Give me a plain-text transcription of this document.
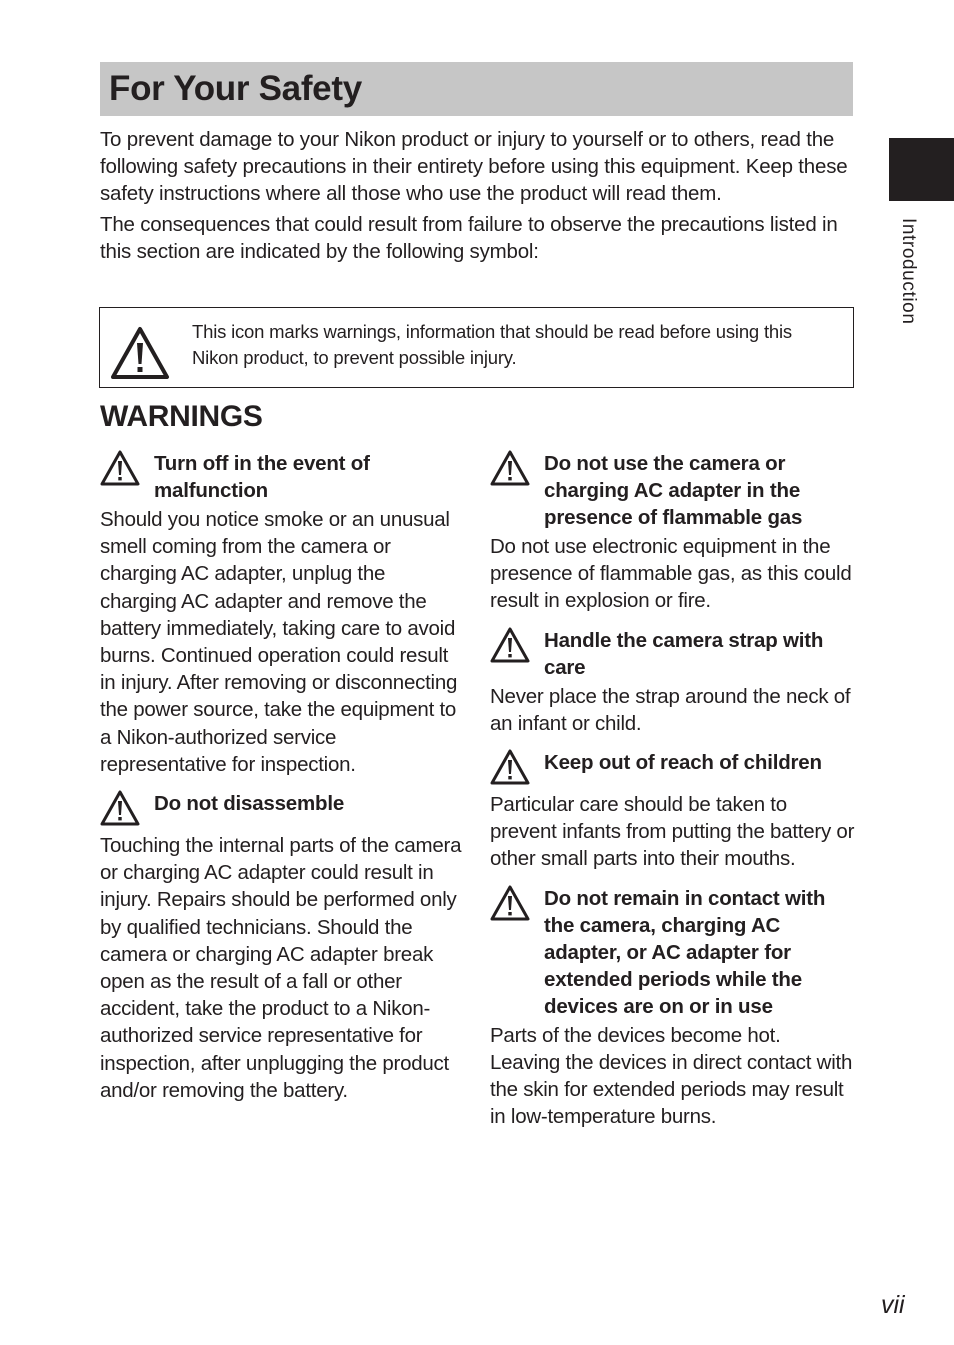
For Your Safety
Introduction

To prevent damage to your Nikon product or injury to yourself or to others, read the following safety precautions in their entirety before using this equipment. Keep these safety instructions where all those who use the product will read them.

The consequences that could result from failure to observe the precautions listed in this section are indicated by the following symbol:

This icon marks warnings, information that should be read before using this Nikon product, to prevent possible injury.
WARNINGS
Turn off in the event of malfunction

Should you notice smoke or an unusual smell coming from the camera or charging AC adapter, unplug the charging AC adapter and remove the battery immediately, taking care to avoid burns. Continued operation could result in injury. After removing or disconnecting the power source, take the equipment to a Nikon-authorized service representative for inspection.

Do not disassemble

Touching the internal parts of the camera or charging AC adapter could result in injury. Repairs should be performed only by qualified technicians. Should the camera or charging AC adapter break open as the result of a fall or other accident, take the product to a Nikon-authorized service representative for inspection, after unplugging the product and/or removing the battery.

Do not use the camera or charging AC adapter in the presence of flammable gas

Do not use electronic equipment in the presence of flammable gas, as this could result in explosion or fire.

Handle the camera strap with care

Never place the strap around the neck of an infant or child.

Keep out of reach of children

Particular care should be taken to prevent infants from putting the battery or other small parts into their mouths.

Do not remain in contact with the camera, charging AC adapter, or AC adapter for extended periods while the devices are on or in use

Parts of the devices become hot. Leaving the devices in direct contact with the skin for extended periods may result in low-temperature burns.

vii
